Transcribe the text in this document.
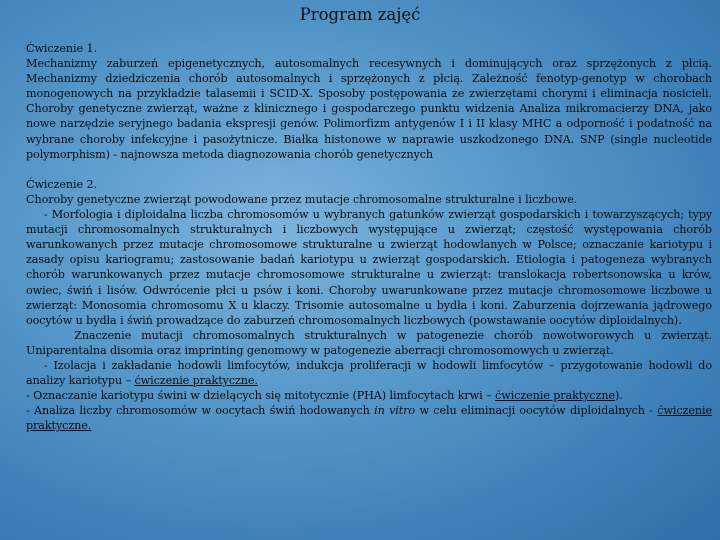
Program zajęć

Ćwiczenie 1.

Mechanizmy zaburzeń epigenetycznych, autosomalnych recesywnych i dominujących oraz sprzężonych z płcią. Mechanizmy dziedziczenia chorób autosomalnych i sprzężonych z płcią. Zależność fenotyp-genotyp w chorobach monogenowych na przykładzie talasemii i SCID-X. Sposoby postępowania ze zwierzętami chorymi i eliminacja nosicieli. Choroby genetyczne zwierząt, ważne z klinicznego i gospodarczego punktu widzenia Analiza mikromacierzy DNA, jako nowe narzędzie seryjnego badania ekspresji genów. Polimorfizm antygenów I i II klasy MHC a odporność i podatność na wybrane choroby infekcyjne i pasożytnicze. Białka histonowe w naprawie uszkodzonego DNA. SNP (single nucleotide polymorphism) - najnowsza metoda diagnozowania chorób genetycznych

Ćwiczenie 2.

Choroby genetyczne zwierząt powodowane przez mutacje chromosomalne strukturalne i liczbowe.

- Morfologia i diploidalna liczba chromosomów u wybranych gatunków zwierząt gospodarskich i towarzyszących; typy mutacji chromosomalnych strukturalnych i liczbowych występujące u zwierząt; częstość występowania chorób warunkowanych przez mutacje chromosomowe strukturalne u zwierząt hodowlanych w Polsce; oznaczanie kariotypu i zasady opisu kariogramu; zastosowanie badań kariotypu u zwierząt gospodarskich. Etiologia i patogeneza wybranych chorób warunkowanych przez mutacje chromosomowe strukturalne u zwierząt: translokacja robertsonowska u krów, owiec, świń i lisów. Odwrócenie płci u psów i koni. Choroby uwarunkowane przez mutacje chromosomowe liczbowe u zwierząt: Monosomia chromosomu X u klaczy. Trisomie autosomalne u bydła i koni. Zaburzenia dojrzewania jądrowego oocytów u bydła i świń prowadzące do zaburzeń chromosomalnych liczbowych (powstawanie oocytów diploidalnych).

Znaczenie mutacji chromosomalnych strukturalnych w patogenezie chorób nowotworowych u zwierząt. Uniparentalna disomia oraz imprinting genomowy w patogenezie aberracji chromosomowych u zwierząt.

- Izolacja i zakładanie hodowli limfocytów, indukcja proliferacji w hodowli limfocytów – przygotowanie hodowli do analizy kariotypu – ćwiczenie praktyczne.

- Oznaczanie kariotypu świni w dzielących się mitotycznie (PHA) limfocytach krwi – ćwiczenie praktyczne).

- Analiza liczby chromosomów w oocytach świń hodowanych in vitro w celu eliminacji oocytów diploidalnych - ćwiczenie praktyczne.
